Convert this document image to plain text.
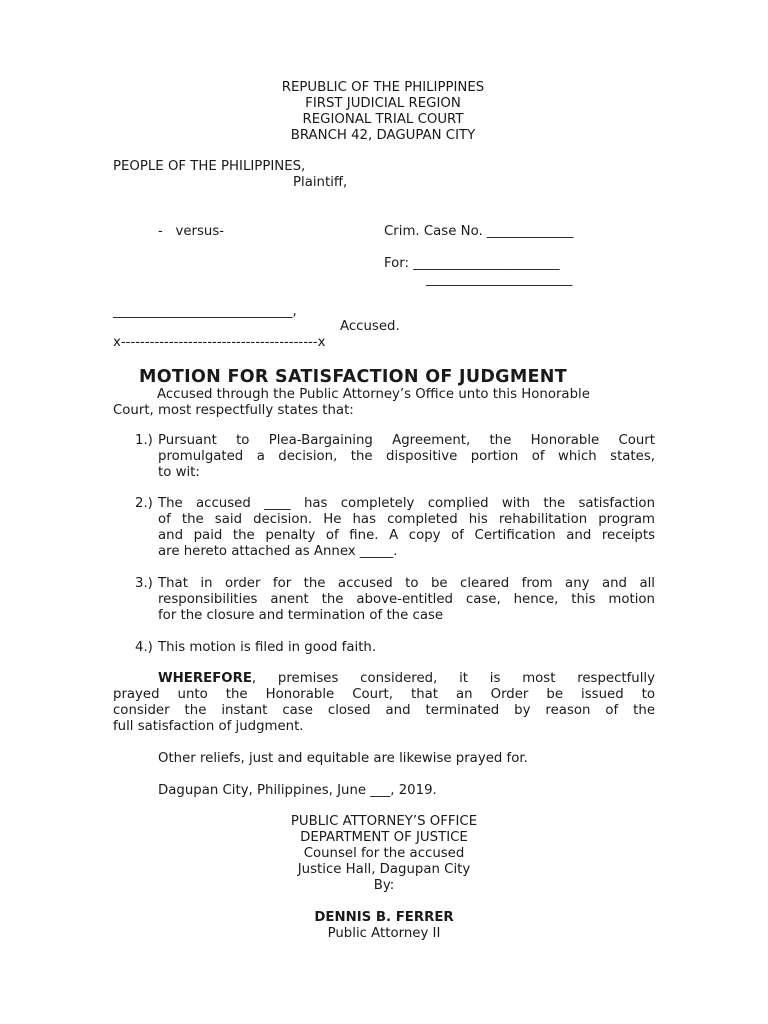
REPUBLIC OF THE PHILIPPINES
FIRST JUDICIAL REGION
REGIONAL TRIAL COURT
BRANCH 42, DAGUPAN CITY
PEOPLE OF THE PHILIPPINES,
Plaintiff,
-   versus-	Crim. Case No. _____________
For: ______________________
______________________
___________________________,
Accused.
x-----------------------------------------x
MOTION FOR SATISFACTION OF JUDGMENT
Accused through the Public Attorney’s Office unto this Honorable
Court, most respectfully states that:
1.) Pursuant to Plea-Bargaining Agreement, the Honorable Court
promulgated a decision, the dispositive portion of which states,
to wit:
2.) The accused ____ has completely complied with the satisfaction
of the said decision. He has completed his rehabilitation program
and paid the penalty of fine. A copy of Certification and receipts
are hereto attached as Annex _____.
3.) That in order for the accused to be cleared from any and all
responsibilities anent the above-entitled case, hence, this motion
for the closure and termination of the case
4.) This motion is filed in good faith.
WHEREFORE, premises considered, it is most respectfully
prayed unto the Honorable Court, that an Order be issued to
consider the instant case closed and terminated by reason of the
full satisfaction of judgment.
Other reliefs, just and equitable are likewise prayed for.
Dagupan City, Philippines, June ___, 2019.
PUBLIC ATTORNEY’S OFFICE
DEPARTMENT OF JUSTICE
Counsel for the accused
Justice Hall, Dagupan City
By:
DENNIS B. FERRER
Public Attorney II
